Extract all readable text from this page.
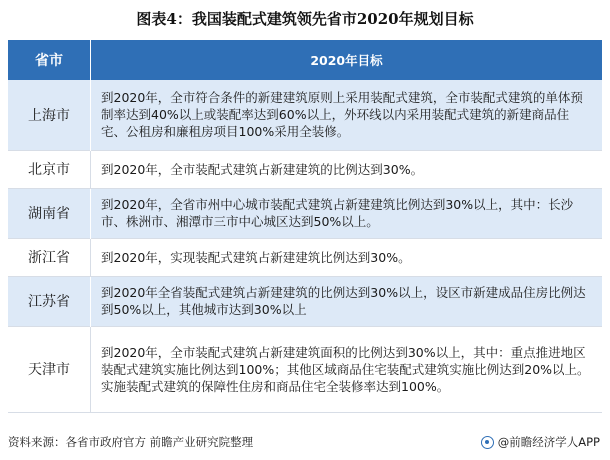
图表4：我国装配式建筑领先省市2020年规划目标
省市	2020年目标
上海市	到2020年，全市符合条件的新建建筑原则上采用装配式建筑，全市装配式建筑的单体预制率达到40%以上或装配率达到60%以上，外环线以内采用装配式建筑的新建商品住宅、公租房和廉租房项目100%采用全装修。
北京市	到2020年，全市装配式建筑占新建建筑的比例达到30%。
湖南省	到2020年，全省市州中心城市装配式建筑占新建建筑比例达到30%以上，其中：长沙市、株洲市、湘潭市三市中心城区达到50%以上。
浙江省	到2020年，实现装配式建筑占新建建筑比例达到30%。
江苏省	到2020年全省装配式建筑占新建建筑的比例达到30%以上，设区市新建成品住房比例达到50%以上，其他城市达到30%以上
天津市	到2020年，全市装配式建筑占新建建筑面积的比例达到30%以上，其中：重点推进地区装配式建筑实施比例达到100%；其他区域商品住宅装配式建筑实施比例达到20%以上。实施装配式建筑的保障性住房和商品住宅全装修率达到100%。
资料来源：各省市政府官方 前瞻产业研究院整理	@前瞻经济学人APP
